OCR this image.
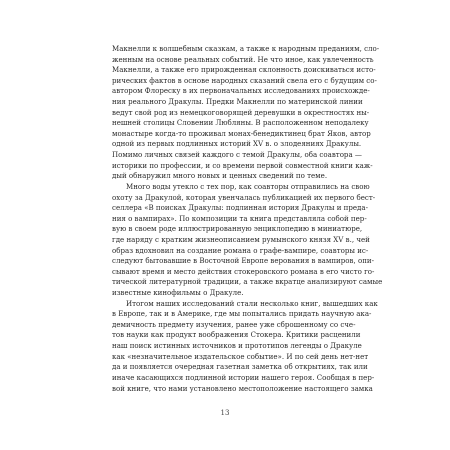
Макнелли к волшебным сказкам, а также к народным преданиям, сло-
женным на основе реальных событий. Не что иное, как увлеченность
Макнелли, а также его прирожденная склонность доискиваться истo-
рических фактов в основе народных сказаний свела его с будущим со-
автором Флореску в их первоначальных исследованиях происхожде-
ния реального Дракулы. Предки Макнелли по материнской линии
ведут свой род из немецкоговорящей деревушки в окрестностях ны-
нешней столицы Словении Любляны. В расположенном неподалеку
монастыре когда-то проживал монах-бенедиктинец брат Яков, автор
одной из первых подлинных историй XV в. о злодеяниях Дракулы.
Помимо личных связей каждого с темой Дракулы, оба соавтора —
историки по профессии, и со времени первой совместной книги каж-
дый обнаружил много новых и ценных сведений по теме.
Много воды утекло с тех пор, как соавторы отправились на свою
охоту за Дракулой, которая увенчалась публикацией их первого бест-
селлера «В поисках Дракулы: подлинная история Дракулы и преда-
ния о вампирах». По композиции та книга представляла собой пер-
вую в своем роде иллюстрированную энциклопедию в миниатюре,
где наряду с кратким жизнеописанием румынского князя XV в., чей
образ вдохновил на создание романа о графе-вампире, соавторы ис-
следуют бытовавшие в Восточной Европе верования в вампиров, опи-
сывают время и место действия стокеровского романа в его чисто го-
тической литературной традиции, а также вкратце анализируют самые
известные кинофильмы о Дракуле.
Итогом наших исследований стали несколько книг, вышедших как
в Европе, так и в Америке, где мы попытались придать научную ака-
демичность предмету изучения, ранее уже сброшенному со сче-
тов науки как продукт воображения Стокера. Критики расценили
наш поиск истинных источников и прототипов легенды о Дракуле
как «незначительное издательское событие». И по сей день нет-нет
да и появляется очередная газетная заметка об открытиях, так или
иначе касающихся подлинной истории нашего героя. Сообщая в пер-
вой книге, что нами установлено местоположение настоящего замка
13
